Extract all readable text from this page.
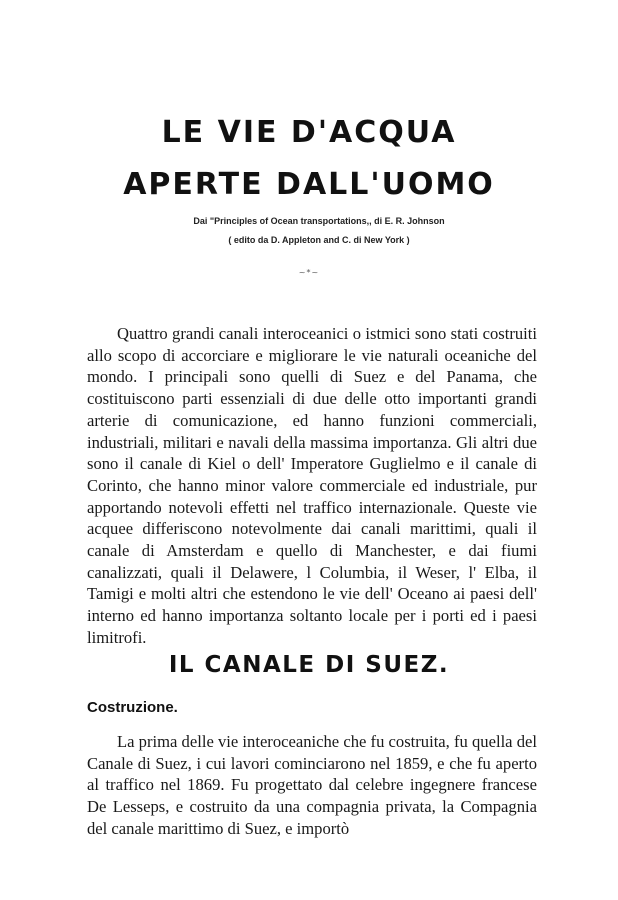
LE VIE D'ACQUA
APERTE DALL'UOMO
Dai "Principles of Ocean transportations,, di E. R. Johnson
( edito da D. Appleton and C. di New York )
~*~

Quattro grandi canali interoceanici o istmici sono stati costruiti allo scopo di accorciare e migliorare le vie naturali oceaniche del mondo. I principali sono quelli di Suez e del Panama, che costituiscono parti essenziali di due delle otto importanti grandi arterie di comunicazione, ed hanno funzioni commerciali, industriali, militari e navali della massima importanza. Gli altri due sono il canale di Kiel o dell' Imperatore Guglielmo e il canale di Corinto, che hanno minor valore commerciale ed industriale, pur apportando notevoli effetti nel traffico internazionale. Queste vie acquee differiscono notevolmente dai canali marittimi, quali il canale di Amsterdam e quello di Manchester, e dai fiumi canalizzati, quali il Delawere, l Columbia, il Weser, l' Elba, il Tamigi e molti altri che estendono le vie dell' Oceano ai paesi dell' interno ed hanno importanza soltanto locale per i porti ed i paesi limitrofi.

IL CANALE DI SUEZ.
Costruzione.

La prima delle vie interoceaniche che fu costruita, fu quella del Canale di Suez, i cui lavori cominciarono nel 1859, e che fu aperto al traffico nel 1869. Fu progettato dal celebre ingegnere francese De Lesseps, e costruito da una compagnia privata, la Compagnia del canale marittimo di Suez, e importò
